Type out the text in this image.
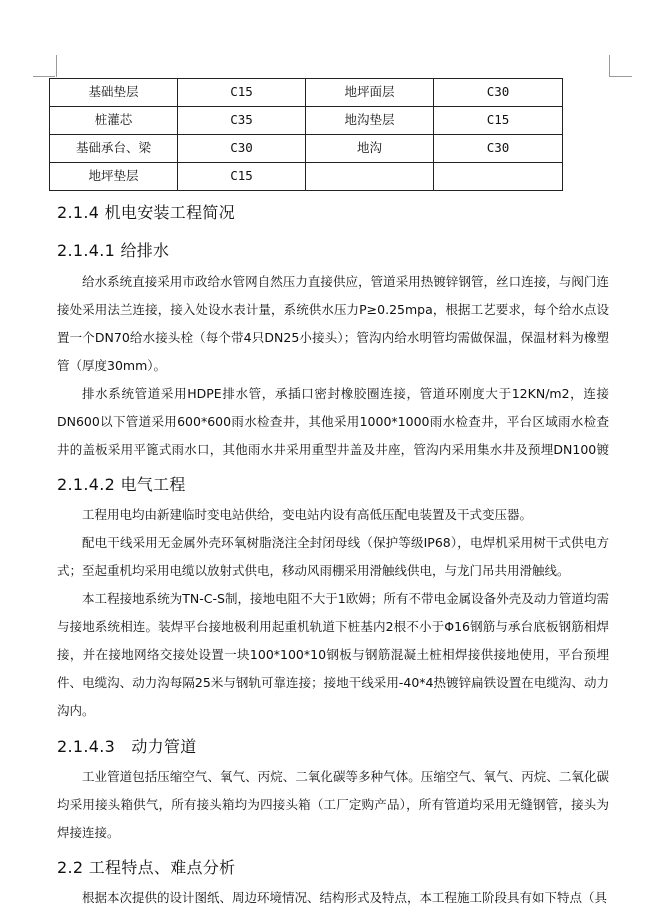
基础垫层	C15	地坪面层	C30
桩灌芯	C35	地沟垫层	C15
基础承台、梁	C30	地沟	C30
地坪垫层	C15		
2.1.4 机电安装工程简况
2.1.4.1 给排水

给水系统直接采用市政给水管网自然压力直接供应，管道采用热镀锌钢管，丝口连接，与阀门连接处采用法兰连接，接入处设水表计量，系统供水压力P≥0.25mpa，根据工艺要求，每个给水点设置一个DN70给水接头栓（每个带4只DN25小接头）；管沟内给水明管均需做保温，保温材料为橡塑管（厚度30mm）。

排水系统管道采用HDPE排水管，承插口密封橡胶圈连接，管道环刚度大于12KN/m2，连接DN600以下管道采用600*600雨水检查井，其他采用1000*1000雨水检查井，平台区域雨水检查井的盖板采用平篦式雨水口，其他雨水井采用重型井盖及井座，管沟内采用集水井及预埋DN100镀

2.1.4.2 电气工程

工程用电均由新建临时变电站供给，变电站内设有高低压配电装置及干式变压器。

配电干线采用无金属外壳环氧树脂浇注全封闭母线（保护等级IP68），电焊机采用树干式供电方式；至起重机均采用电缆以放射式供电，移动风雨棚采用滑触线供电，与龙门吊共用滑触线。

本工程接地系统为TN-C-S制，接地电阻不大于1欧姆；所有不带电金属设备外壳及动力管道均需与接地系统相连。装焊平台接地极利用起重机轨道下桩基内2根不小于Φ16钢筋与承台底板钢筋相焊接，并在接地网络交接处设置一块100*100*10钢板与钢筋混凝土桩相焊接供接地使用，平台预埋件、电缆沟、动力沟每隔25米与钢轨可靠连接；接地干线采用-40*4热镀锌扁铁设置在电缆沟、动力沟内。

2.1.4.3　动力管道

工业管道包括压缩空气、氧气、丙烷、二氧化碳等多种气体。压缩空气、氧气、丙烷、二氧化碳均采用接头箱供气，所有接头箱均为四接头箱（工厂定购产品），所有管道均采用无缝钢管，接头为焊接连接。

2.2 工程特点、难点分析

根据本次提供的设计图纸、周边环境情况、结构形式及特点，本工程施工阶段具有如下特点（具
